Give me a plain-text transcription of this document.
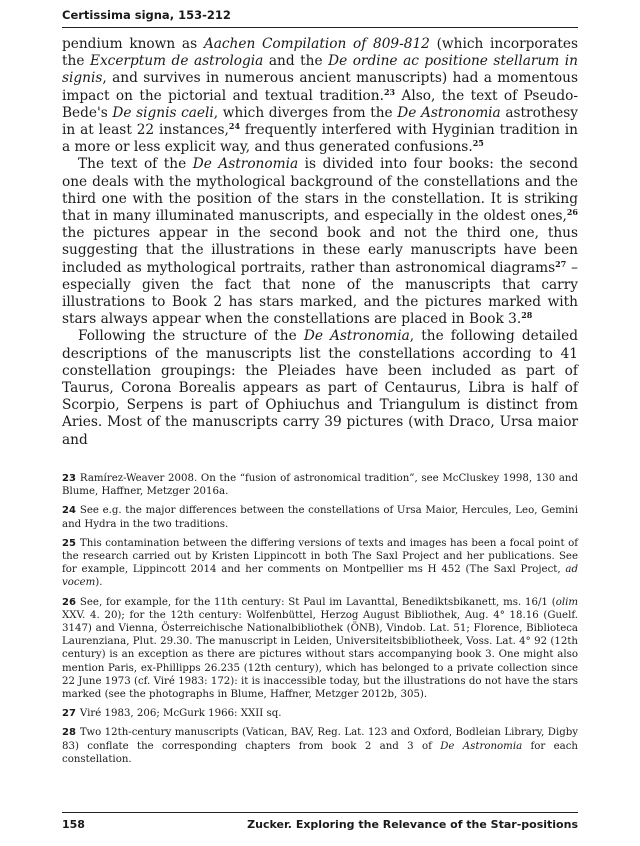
Certissima signa, 153-212

pendium known as Aachen Compilation of 809-812 (which incorporates the Excerptum de astrologia and the De ordine ac positione stellarum in signis, and survives in numerous ancient manuscripts) had a momentous impact on the pictorial and textual tradition.$^{23}$ Also, the text of Pseudo-Bede's De signis caeli, which diverges from the De Astronomia astrothesy in at least 22 instances,$^{24}$ frequently interfered with Hyginian tradition in a more or less explicit way, and thus generated confusions.$^{25}$

The text of the De Astronomia is divided into four books: the second one deals with the mythological background of the constellations and the third one with the position of the stars in the constellation. It is striking that in many illuminated manuscripts, and especially in the oldest ones,$^{26}$ the pictures appear in the second book and not the third one, thus suggesting that the illustrations in these early manuscripts have been included as mythological portraits, rather than astronomical diagrams$^{27}$ – especially given the fact that none of the manuscripts that carry illustrations to Book 2 has stars marked, and the pictures marked with stars always appear when the constellations are placed in Book 3.28

Following the structure of the De Astronomia, the following detailed descriptions of the manuscripts list the constellations according to 41 constellation groupings: the Pleiades have been included as part of Taurus, Corona Borealis appears as part of Centaurus, Libra is half of Scorpio, Serpens is part of Ophiuchus and Triangulum is distinct from Aries. Most of the manuscripts carry 39 pictures (with Draco, Ursa maior and

23 Ramírez-Weaver 2008. On the “fusion of astronomical tradition”, see McCluskey 1998, 130 and Blume, Haffner, Metzger 2016a.

24 See e.g. the major differences between the constellations of Ursa Maior, Hercules, Leo, Gemini and Hydra in the two traditions.

25 This contamination between the differing versions of texts and images has been a focal point of the research carried out by Kristen Lippincott in both The Saxl Project and her publications. See for example, Lippincott 2014 and her comments on Montpellier ms H 452 (The Saxl Project, ad vocem).

26 See, for example, for the 11th century: St Paul im Lavanttal, Benediktsbikanett, ms. 16/1 (olim XXV. 4. 20); for the 12th century: Wolfenbüttel, Herzog August Bibliothek, Aug. 4° 18.16 (Guelf. 3147) and Vienna, Österreichische Nationalbibliothek (ÖNB), Vindob. Lat. 51; Florence, Biblioteca Laurenziana, Plut. 29.30. The manuscript in Leiden, Universiteitsbibliotheek, Voss. Lat. 4° 92 (12th century) is an exception as there are pictures without stars accompanying book 3. One might also mention Paris, ex-Phillipps 26.235 (12th century), which has belonged to a private collection since 22 June 1973 (cf. Viré 1983: 172): it is inaccessible today, but the illustrations do not have the stars marked (see the photographs in Blume, Haffner, Metzger 2012b, 305).

27 Viré 1983, 206; McGurk 1966: XXII sq.

28 Two 12th-century manuscripts (Vatican, BAV, Reg. Lat. 123 and Oxford, Bodleian Library, Digby 83) conflate the corresponding chapters from book 2 and 3 of De Astronomia for each constellation.

158	Zucker. Exploring the Relevance of the Star-positions
